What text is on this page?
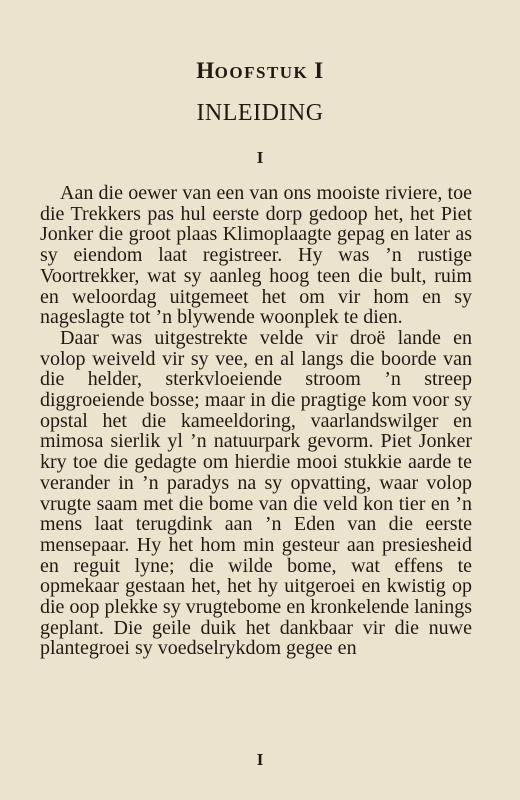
HOOFSTUK I
INLEIDING
I

Aan die oewer van een van ons mooiste riviere, toe die Trekkers pas hul eerste dorp gedoop het, het Piet Jonker die groot plaas Klimoplaagte gepag en later as sy eiendom laat registreer. Hy was ’n rustige Voortrekker, wat sy aanleg hoog teen die bult, ruim en weloordag uitgemeet het om vir hom en sy nageslagte tot ’n blywende woonplek te dien.

Daar was uitgestrekte velde vir droë lande en volop weiveld vir sy vee, en al langs die boorde van die helder, sterkvloeiende stroom ’n streep diggroeiende bosse; maar in die pragtige kom voor sy opstal het die kameeldoring, vaarlandswilger en mimosa sierlik yl ’n natuurpark gevorm. Piet Jonker kry toe die gedagte om hierdie mooi stukkie aarde te verander in ’n paradys na sy opvatting, waar volop vrugte saam met die bome van die veld kon tier en ’n mens laat terugdink aan ’n Eden van die eerste mensepaar. Hy het hom min gesteur aan presiesheid en reguit lyne; die wilde bome, wat effens te opmekaar gestaan het, het hy uitgeroei en kwistig op die oop plekke sy vrugtebome en kronkelende lanings geplant. Die geile duik het dankbaar vir die nuwe plantegroei sy voedselrykdom gegee en

I
